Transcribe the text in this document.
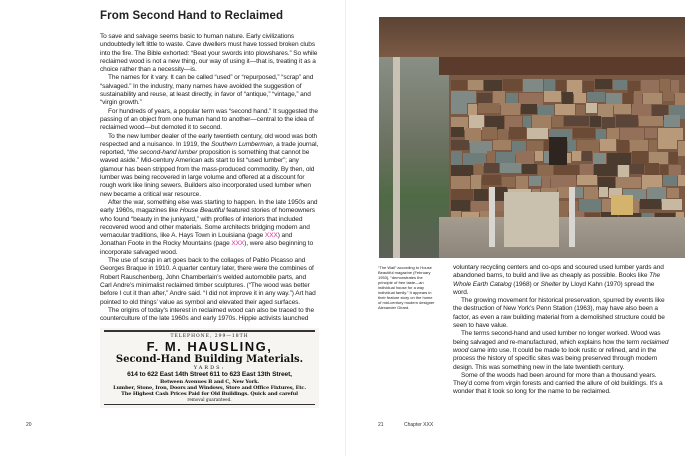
From Second Hand to Reclaimed

To save and salvage seems basic to human nature. Early civilizations undoubtedly left little to waste. Cave dwellers must have tossed broken clubs into the fire. The Bible exhorted: “Beat your swords into plowshares.” So while reclaimed wood is not a new thing, our way of using it—that is, treating it as a choice rather than a necessity—is.

The names for it vary. It can be called “used” or “repurposed,” “scrap” and “salvaged.” In the industry, many names have avoided the suggestion of sustainability and reuse, at least directly, in favor of “antique,” “vintage,” and “virgin growth.”

For hundreds of years, a popular term was “second hand.” It suggested the passing of an object from one human hand to another—central to the idea of reclaimed wood—but demoted it to second.

To the new lumber dealer of the early twentieth century, old wood was both respected and a nuisance. In 1919, the Southern Lumberman, a trade journal, reported, “the second-hand lumber proposition is something that cannot be waved aside.” Mid-century American ads start to list “used lumber”; any glamour has been stripped from the mass-produced commodity. By then, old lumber was being recovered in large volume and offered at a discount for rough work like lining sewers. Builders also incorporated used lumber when new became a critical war resource.

After the war, something else was starting to happen. In the late 1950s and early 1960s, magazines like House Beautiful featured stories of homeowners who found “beauty in the junkyard,” with profiles of interiors that included recovered wood and other materials. Some architects bridging modern and vernacular traditions, like A. Hays Town in Louisiana (page XXX) and Jonathan Foote in the Rocky Mountains (page XXX), were also beginning to incorporate salvaged wood.

The use of scrap in art goes back to the collages of Pablo Picasso and Georges Braque in 1910. A quarter century later, there were the combines of Robert Rauschenberg, John Chamberlain’s welded automobile parts, and Carl Andre’s minimalist reclaimed timber sculptures. (“The wood was better before I cut it than after,” Andre said. “I did not improve it in any way.”) Art had pointed to old things’ value as symbol and elevated their aged surfaces.

The origins of today’s interest in reclaimed wood can also be traced to the counterculture of the late 1960s and early 1970s. Hippie activists launched

TELEPHONE, 299—18TH
F. M. HAUSLING,
Second-Hand Building Materials.
YARDS:
614 to 622 East 14th Street 611 to 623 East 13th Street,
Between Avenues B and C, New York.
Lumber, Stone, Iron, Doors and Windows, Store and Office Fixtures, Etc.
The Highest Cash Prices Paid for Old Buildings. Quick and careful
removal guaranteed.
20
“The Wall” according to House Beautiful magazine (February 1953), “demonstrates the principle of free taste—an individual house for a way individual family.” It appears in their feature story on the home of mid-century modern designer Alexander Girard.

voluntary recycling centers and co-ops and scoured used lumber yards and abandoned barns, to build and live as cheaply as possible. Books like The Whole Earth Catalog (1968) or Shelter by Lloyd Kahn (1970) spread the word.

The growing movement for historical preservation, spurred by events like the destruction of New York’s Penn Station (1963), may have also been a factor, as even a raw building material from a demolished structure could be seen to have value.

The terms second-hand and used lumber no longer worked. Wood was being salvaged and re-manufactured, which explains how the term reclaimed wood came into use. It could be made to look rustic or refined, and in the process the history of specific sites was being preserved through modern design. This was something new in the late twentieth century.

Some of the woods had been around for more than a thousand years. They’d come from virgin forests and carried the allure of old buildings. It’s a wonder that it took so long for the name to be reclaimed.

21	Chapter XXX
